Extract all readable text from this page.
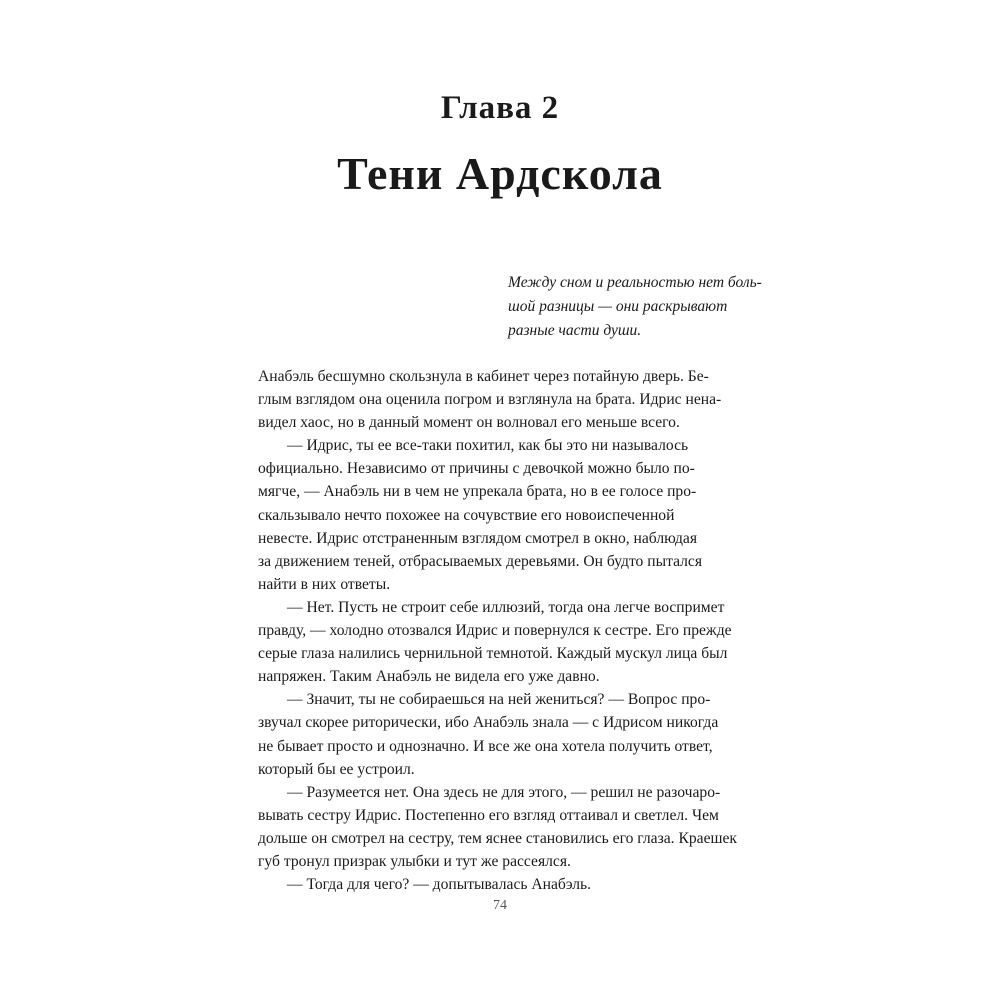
Глава 2
Тени Ардскола
Между сном и реальностью нет боль-
шой разницы — они раскрывают
разные части души.
Анабэль бесшумно скользнула в кабинет через потайную дверь. Бе-
глым взглядом она оценила погром и взглянула на брата. Идрис нена-
видел хаос, но в данный момент он волновал его меньше всего.
— Идрис, ты ее все-таки похитил, как бы это ни называлось
официально. Независимо от причины с девочкой можно было по-
мягче, — Анабэль ни в чем не упрекала брата, но в ее голосе про-
скальзывало нечто похожее на сочувствие его новоиспеченной
невесте. Идрис отстраненным взглядом смотрел в окно, наблюдая
за движением теней, отбрасываемых деревьями. Он будто пытался
найти в них ответы.
— Нет. Пусть не строит себе иллюзий, тогда она легче воспримет
правду, — холодно отозвался Идрис и повернулся к сестре. Его прежде
серые глаза налились чернильной темнотой. Каждый мускул лица был
напряжен. Таким Анабэль не видела его уже давно.
— Значит, ты не собираешься на ней жениться? — Вопрос про-
звучал скорее риторически, ибо Анабэль знала — с Идрисом никогда
не бывает просто и однозначно. И все же она хотела получить ответ,
который бы ее устроил.
— Разумеется нет. Она здесь не для этого, — решил не разочаро-
вывать сестру Идрис. Постепенно его взгляд оттаивал и светлел. Чем
дольше он смотрел на сестру, тем яснее становились его глаза. Краешек
губ тронул призрак улыбки и тут же рассеялся.
— Тогда для чего? — допытывалась Анабэль.
74
